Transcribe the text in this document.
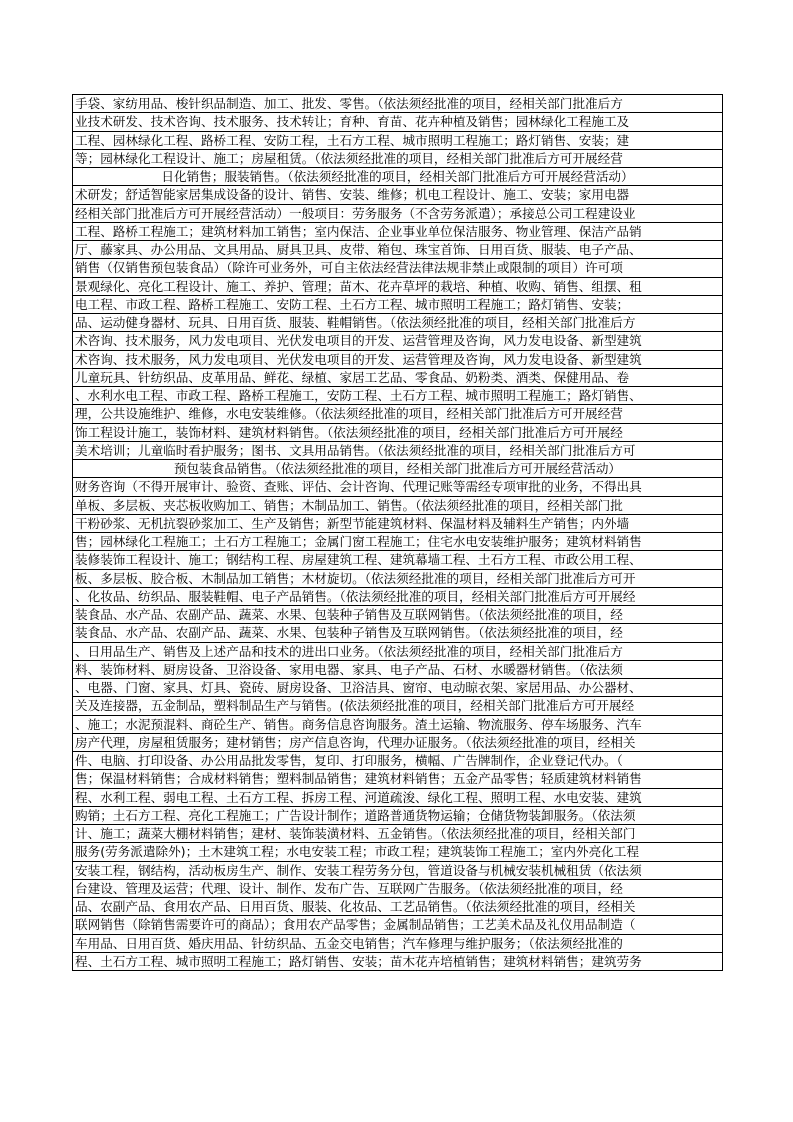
手袋、家纺用品、梭针织品制造、加工、批发、零售。（依法须经批准的项目，经相关部门批准后方
业技术研发、技术咨询、技术服务、技术转让；育种、育苗、花卉种植及销售；园林绿化工程施工及
工程、园林绿化工程、路桥工程、安防工程，土石方工程、城市照明工程施工；路灯销售、安装；建
等；园林绿化工程设计、施工；房屋租赁。（依法须经批准的项目，经相关部门批准后方可开展经营
日化销售；服装销售。（依法须经批准的项目，经相关部门批准后方可开展经营活动）
术研发；舒适智能家居集成设备的设计、销售、安装、维修；机电工程设计、施工、安装；家用电器
经相关部门批准后方可开展经营活动）一般项目：劳务服务（不含劳务派遣）；承接总公司工程建设业
工程、路桥工程施工；建筑材料加工销售；室内保洁、企业事业单位保洁服务、物业管理、保洁产品销
厅、藤家具、办公用品、文具用品、厨具卫具、皮带、箱包、珠宝首饰、日用百货、服装、电子产品、
销售（仅销售预包装食品）（除许可业务外，可自主依法经营法律法规非禁止或限制的项目）许可项
景观绿化、亮化工程设计、施工、养护、管理；苗木、花卉草坪的栽培、种植、收购、销售、组摆、租
电工程、市政工程、路桥工程施工、安防工程、土石方工程、城市照明工程施工；路灯销售、安装；
品、运动健身器材、玩具、日用百货、服装、鞋帽销售。（依法须经批准的项目，经相关部门批准后方
术咨询、技术服务，风力发电项目、光伏发电项目的开发、运营管理及咨询，风力发电设备、新型建筑
术咨询、技术服务，风力发电项目、光伏发电项目的开发、运营管理及咨询，风力发电设备、新型建筑
儿童玩具、针纺织品、皮革用品、鲜花、绿植、家居工艺品、零食品、奶粉类、酒类、保健用品、卷
、水利水电工程、市政工程、路桥工程施工，安防工程、土石方工程、城市照明工程施工；路灯销售、
理，公共设施维护、维修，水电安装维修。（依法须经批准的项目，经相关部门批准后方可开展经营
饰工程设计施工，装饰材料、建筑材料销售。（依法须经批准的项目，经相关部门批准后方可开展经
美术培训；儿童临时看护服务；图书、文具用品销售。（依法须经批准的项目，经相关部门批准后方可
预包装食品销售。（依法须经批准的项目，经相关部门批准后方可开展经营活动）
财务咨询（不得开展审计、验资、查账、评估、会计咨询、代理记账等需经专项审批的业务，不得出具
单板、多层板、夹芯板收购加工、销售；木制品加工、销售。（依法须经批准的项目，经相关部门批
干粉砂浆、无机抗裂砂浆加工、生产及销售；新型节能建筑材料、保温材料及辅料生产销售；内外墙
售；园林绿化工程施工；土石方工程施工；金属门窗工程施工；住宅水电安装维护服务；建筑材料销售
装修装饰工程设计、施工；钢结构工程、房屋建筑工程、建筑幕墙工程、土石方工程、市政公用工程、
板、多层板、胶合板、木制品加工销售；木材旋切。（依法须经批准的项目，经相关部门批准后方可开
、化妆品、纺织品、服装鞋帽、电子产品销售。（依法须经批准的项目，经相关部门批准后方可开展经
装食品、水产品、农副产品、蔬菜、水果、包装种子销售及互联网销售。（依法须经批准的项目，经
装食品、水产品、农副产品、蔬菜、水果、包装种子销售及互联网销售。（依法须经批准的项目，经
、日用品生产、销售及上述产品和技术的进出口业务。（依法须经批准的项目，经相关部门批准后方
料、装饰材料、厨房设备、卫浴设备、家用电器、家具、电子产品、石材、水暖器材销售。（依法须
、电器、门窗、家具、灯具、瓷砖、厨房设备、卫浴洁具、窗帘、电动晾衣架、家居用品、办公器材、
关及连接器，五金制品，塑料制品生产与销售。(依法须经批准的项目，经相关部门批准后方可开展经
、施工；水泥预混料、商砼生产、销售。商务信息咨询服务。渣土运输、物流服务、停车场服务、汽车
房产代理，房屋租赁服务；建材销售；房产信息咨询，代理办证服务。（依法须经批准的项目，经相关
件、电脑、打印设备、办公用品批发零售，复印、打印服务，横幅、广告牌制作，企业登记代办。（
售；保温材料销售；合成材料销售；塑料制品销售；建筑材料销售；五金产品零售；轻质建筑材料销售
程、水利工程、弱电工程、土石方工程、拆房工程、河道疏浚、绿化工程、照明工程、水电安装、建筑
购销；土石方工程、亮化工程施工；广告设计制作；道路普通货物运输；仓储货物装卸服务。（依法须
计、施工；蔬菜大棚材料销售；建材、装饰装潢材料、五金销售。（依法须经批准的项目，经相关部门
服务(劳务派遣除外)；土木建筑工程；水电安装工程；市政工程；建筑装饰工程施工；室内外亮化工程
安装工程，钢结构，活动板房生产、制作、安装工程劳务分包，管道设备与机械安装机械租赁（依法须
台建设、管理及运营；代理、设计、制作、发布广告、互联网广告服务。（依法须经批准的项目，经
品、农副产品、食用农产品、日用百货、服装、化妆品、工艺品销售。（依法须经批准的项目，经相关
联网销售（除销售需要许可的商品）；食用农产品零售；金属制品销售；工艺美术品及礼仪用品制造（
车用品、日用百货、婚庆用品、针纺织品、五金交电销售；汽车修理与维护服务；（依法须经批准的
程、土石方工程、城市照明工程施工；路灯销售、安装；苗木花卉培植销售；建筑材料销售；建筑劳务
